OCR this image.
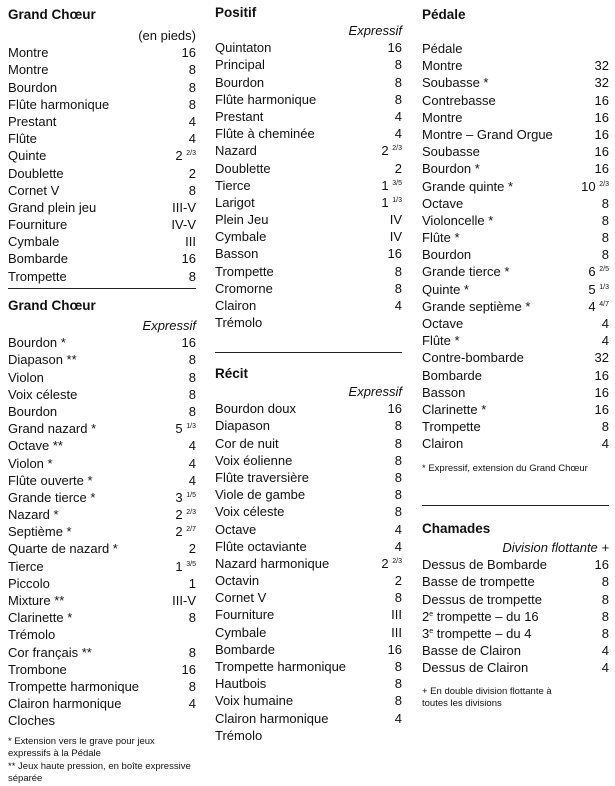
Grand Chœur
(en pieds)
Montre	16
Montre	8
Bourdon	8
Flûte harmonique	8
Prestant	4
Flûte	4
Quinte	2 $^{2/3}$
Doublette	2
Cornet V	8
Grand plein jeu	III-V
Fourniture	IV-V
Cymbale	III
Bombarde	16
Trompette	8
Grand Chœur
Expressif
Bourdon *	16
Diapason **	8
Violon	8
Voix céleste	8
Bourdon	8
Grand nazard *	5 $^{1/3}$
Octave **	4
Violon *	4
Flûte ouverte *	4
Grande tierce *	3 $^{1/5}$
Nazard *	2 $^{2/3}$
Septième *	2 $^{2/7}$
Quarte de nazard *	2
Tierce	1 $^{3/5}$
Piccolo	1
Mixture **	III-V
Clarinette *	8
Trémolo
Cor français **	8
Trombone	16
Trompette harmonique	8
Clairon harmonique	4
Cloches
* Extension vers le grave pour jeux expressifs à la Pédale
** Jeux haute pression, en boîte expressive séparée
Positif
Expressif
Quintaton	16
Principal	8
Bourdon	8
Flûte harmonique	8
Prestant	4
Flûte à cheminée	4
Nazard	2 $^{2/3}$
Doublette	2
Tierce	1 $^{3/5}$
Larigot	1 $^{1/3}$
Plein Jeu	IV
Cymbale	IV
Basson	16
Trompette	8
Cromorne	8
Clairon	4
Trémolo
Récit
Expressif
Bourdon doux	16
Diapason	8
Cor de nuit	8
Voix éolienne	8
Flûte traversière	8
Viole de gambe	8
Voix céleste	8
Octave	4
Flûte octaviante	4
Nazard harmonique	2 $^{2/3}$
Octavin	2
Cornet V	8
Fourniture	III
Cymbale	III
Bombarde	16
Trompette harmonique	8
Hautbois	8
Voix humaine	8
Clairon harmonique	4
Trémolo
Pédale
Pédale
Montre	32
Soubasse *	32
Contrebasse	16
Montre	16
Montre – Grand Orgue	16
Soubasse	16
Bourdon *	16
Grande quinte *	10 $^{2/3}$
Octave	8
Violoncelle *	8
Flûte *	8
Bourdon	8
Grande tierce *	6 $^{2/5}$
Quinte *	5 $^{1/3}$
Grande septième *	4 $^{4/7}$
Octave	4
Flûte *	4
Contre-bombarde	32
Bombarde	16
Basson	16
Clarinette *	16
Trompette	8
Clairon	4
* Expressif, extension du Grand Chœur
Chamades
Division flottante +
Dessus de Bombarde	16
Basse de trompette	8
Dessus de trompette	8
2e trompette – du 16	8
3e trompette – du 4	8
Basse de Clairon	4
Dessus de Clairon	4
+ En double division flottante à toutes les divisions
